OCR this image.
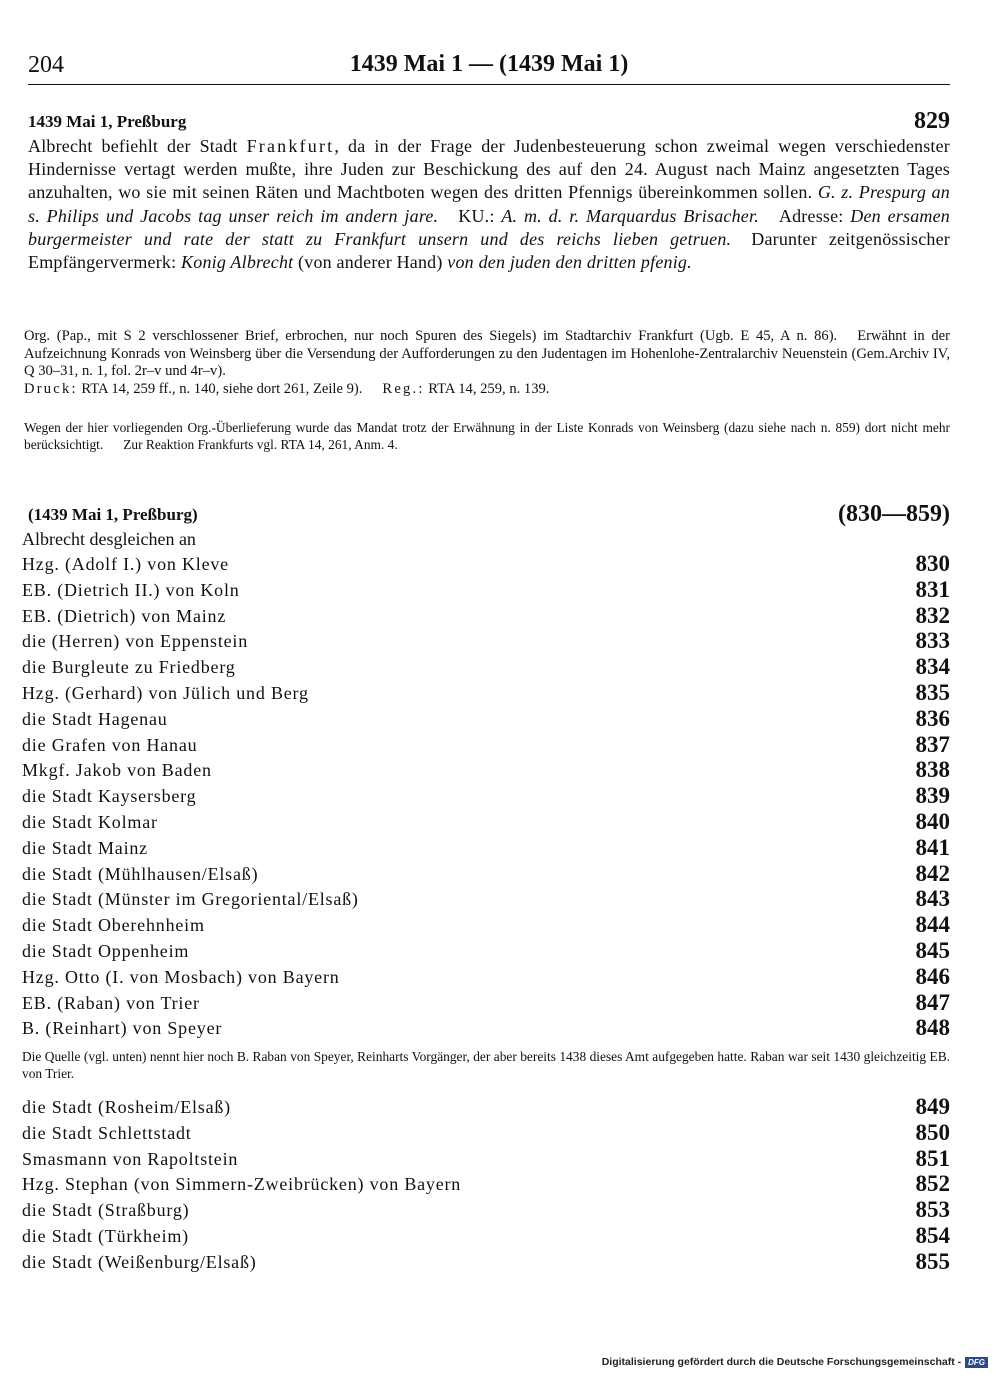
204	1439 Mai 1 — (1439 Mai 1)
1439 Mai 1, Preßburg	829
Albrecht befiehlt der Stadt Frankfurt, da in der Frage der Judenbesteuerung schon zweimal wegen verschiedenster Hindernisse vertagt werden mußte, ihre Juden zur Beschickung des auf den 24. August nach Mainz angesetzten Tages anzuhalten, wo sie mit seinen Räten und Machtboten wegen des dritten Pfennigs übereinkommen sollen. G. z. Prespurg an s. Philips und Jacobs tag unser reich im andern jare. KU.: A. m. d. r. Marquardus Brisacher. Adresse: Den ersamen burgermeister und rate der statt zu Frankfurt unsern und des reichs lieben getruen. Darunter zeitgenössischer Empfängervermerk: Konig Albrecht (von anderer Hand) von den juden den dritten pfenig.
Org. (Pap., mit S 2 verschlossener Brief, erbrochen, nur noch Spuren des Siegels) im Stadtarchiv Frankfurt (Ugb. E 45, A n. 86). Erwähnt in der Aufzeichnung Konrads von Weinsberg über die Versendung der Aufforderungen zu den Judentagen im Hohenlohe-Zentralarchiv Neuenstein (Gem.Archiv IV, Q 30–31, n. 1, fol. 2r–v und 4r–v).
Druck: RTA 14, 259 ff., n. 140, siehe dort 261, Zeile 9). Reg.: RTA 14, 259, n. 139.
Wegen der hier vorliegenden Org.-Überlieferung wurde das Mandat trotz der Erwähnung in der Liste Konrads von Weinsberg (dazu siehe nach n. 859) dort nicht mehr berücksichtigt. Zur Reaktion Frankfurts vgl. RTA 14, 261, Anm. 4.
(1439 Mai 1, Preßburg)	(830—859)
Albrecht desgleichen an
Hzg. (Adolf I.) von Kleve	830
EB. (Dietrich II.) von Koln	831
EB. (Dietrich) von Mainz	832
die (Herren) von Eppenstein	833
die Burgleute zu Friedberg	834
Hzg. (Gerhard) von Jülich und Berg	835
die Stadt Hagenau	836
die Grafen von Hanau	837
Mkgf. Jakob von Baden	838
die Stadt Kaysersberg	839
die Stadt Kolmar	840
die Stadt Mainz	841
die Stadt (Mühlhausen/Elsaß)	842
die Stadt (Münster im Gregoriental/Elsaß)	843
die Stadt Oberehnheim	844
die Stadt Oppenheim	845
Hzg. Otto (I. von Mosbach) von Bayern	846
EB. (Raban) von Trier	847
B. (Reinhart) von Speyer	848
Die Quelle (vgl. unten) nennt hier noch B. Raban von Speyer, Reinharts Vorgänger, der aber bereits 1438 dieses Amt aufgegeben hatte. Raban war seit 1430 gleichzeitig EB. von Trier.
die Stadt (Rosheim/Elsaß)	849
die Stadt Schlettstadt	850
Smasmann von Rapoltstein	851
Hzg. Stephan (von Simmern-Zweibrücken) von Bayern	852
die Stadt (Straßburg)	853
die Stadt (Türkheim)	854
die Stadt (Weißenburg/Elsaß)	855
Digitalisierung gefördert durch die Deutsche Forschungsgemeinschaft - DFG
